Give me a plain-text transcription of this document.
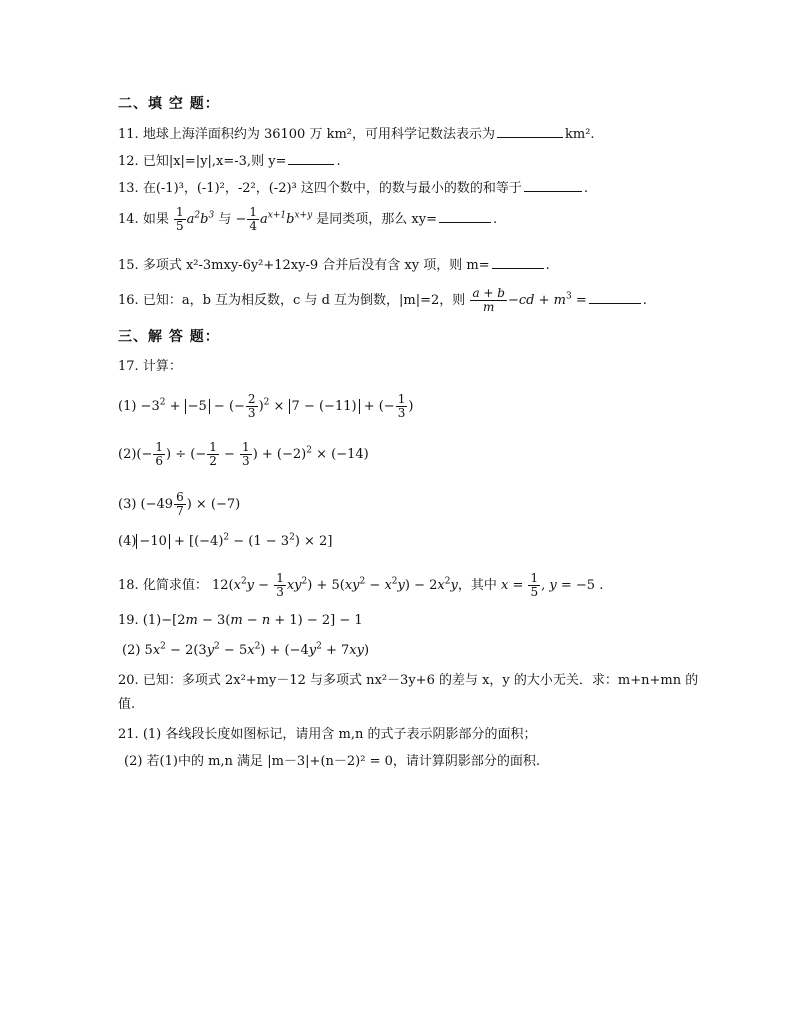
二、填 空 题：
11. 地球上海洋面积约为 36100 万 km²，可用科学记数法表示为	km².
12. 已知|x|=|y|,x=-3,则 y=	.
13. 在(-1)³，(-1)²，-2²，(-2)³ 这四个数中，的数与最小的数的和等于	.
14. 如果 $\frac{1}{5} a^2b^3$ 与 − $\frac{1}{4} a^{x+1}b^{x+y}$ 是同类项，那么 xy=	.
15. 多项式 x²-3mxy-6y²+12xy-9 合并后没有含 xy 项，则 m=	.
16. 已知：a，b 互为相反数，c 与 d 互为倒数，|m|=2，则 $\frac{a + b}{m} -cd + m^3$ =	.
三、解 答 题：
17. 计算：
$(1) -3^2 + -5$ − (− $\frac{2}{3} )^2 \times 7 - (-11)$ + (− $\frac{1}{3}$ )
$(2)(- \frac{1}{6}$ ) ÷ (− $\frac{1}{2} - \frac{1}{3}$ ) + $(-2)^2 \times (-14)$
(3) ($-49 \frac{6}{7}$ ) × (−7)
$(4) -10 + [(-4)^2 - (1 - 3^2) \times 2]$
18. 化简求值： $12(x^2y - \frac{1}{3} xy^2) + 5(xy^2 - x^2y) - 2x^2y$，其中 $x = \frac{1}{5}$ , y = −5 .
19. (1)−[2m − 3(m − n + 1) − 2] − 1
(2) $5x^2 - 2(3y^2 - 5x^2) + (-4y^2 + 7xy)$
20. 已知：多项式 2x²+my－12 与多项式 nx²－3y+6 的差与 x，y 的大小无关．求：m+n+mn 的
值.
21. (1) 各线段长度如图标记，请用含 m,n 的式子表示阴影部分的面积；
(2) 若(1)中的 m,n 满足 |m－3|+(n－2)² = 0，请计算阴影部分的面积.
